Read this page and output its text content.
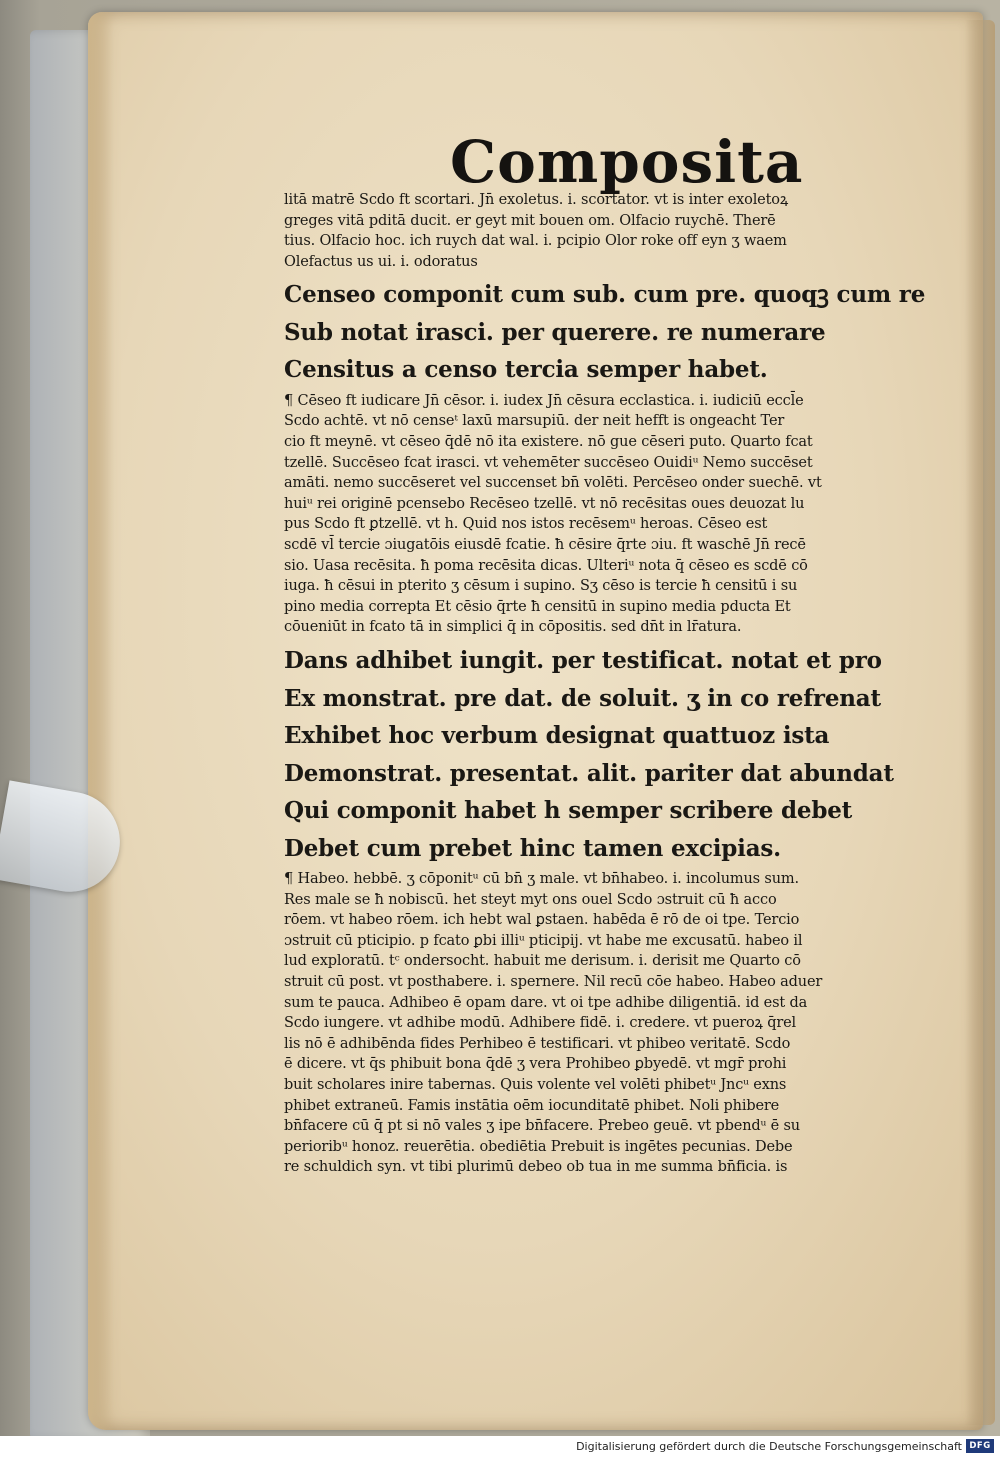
Composita
litā matrē Scdo ft scortari. Jn̄ exoletus. i. scortator. vt is inter exoletoꝝ
greges vitā pditā ducit. er geyt mit bouen om. Olfacio ruychē. Therē
tius. Olfacio hoc. ich ruych dat wal. i. pcipio Olor roke off eyn ʒ waem
Olefactus us ui. i. odoratus
Censeo componit cum sub. cum pre. quoqꝫ cum re
Sub notat irasci. per querere. re numerare
Censitus a censo tercia semper habet.
¶ Cēseo ft iudicare Jn̄ cēsor. i. iudex Jn̄ cēsura ecclastica. i. iudiciū eccl̄e
Scdo achtē. vt nō censeᵗ laxū marsupiū. der neit hefft is ongeacht Ter
cio ft meynē. vt cēseo q̄dē nō ita existere. nō gue cēseri puto. Quarto fcat
tzellē. Succēseo fcat irasci. vt vehemēter succēseo Ouidiᵘ Nemo succēset
amāti. nemo succēseret vel succenset bn̄ volēti. Percēseo onder suechē. vt
huiᵘ rei originē pcensebo Recēseo tzellē. vt nō recēsitas oues deuozat lu
pus Scdo ft ꝑtzellē. vt h. Quid nos istos recēsemᵘ heroas. Cēseo est
scdē vl̄ tercie ɔiugatōis eiusdē fcatie. ħ cēsire q̄rte ɔiu. ft waschē Jn̄ recē
sio. Uasa recēsita. ħ poma recēsita dicas. Ulteriᵘ nota q̄ cēseo es scdē cō
iuga. ħ cēsui in pterito ʒ cēsum i supino. Sʒ cēso is tercie ħ censitū i su
pino media correpta Et cēsio q̄rte ħ censitū in supino media pducta Et
cōueniūt in fcato tā in simplici q̄ in cōpositis. sed dn̄t in lr̄atura.
Dans adhibet iungit. per testificat. notat et pro
Ex monstrat. pre dat. de soluit. ʒ in co refrenat
Exhibet hoc verbum designat quattuoz ista
Demonstrat. presentat. alit. pariter dat abundat
Qui componit habet h semper scribere debet
Debet cum prebet hinc tamen excipias.
¶ Habeo. hebbē. ʒ cōponitᵘ cū bn̄ ʒ male. vt bn̄habeo. i. incolumus sum.
Res male se ħ nobiscū. het steyt myt ons ouel Scdo ɔstruit cū ħ acco
rōem. vt habeo rōem. ich hebt wal ꝑstaen. habēda ē rō de oi tpe. Tercio
ɔstruit cū pticipio. p fcato ꝑbi illiᵘ pticipij. vt habe me excusatū. habeo il
lud exploratū. tᶜ ondersocht. habuit me derisum. i. derisit me Quarto cō
struit cū post. vt posthabere. i. spernere. Nil recū cōe habeo. Habeo aduer
sum te pauca. Adhibeo ē opam dare. vt oi tpe adhibe diligentiā. id est da
Scdo iungere. vt adhibe modū. Adhibere fidē. i. credere. vt pueroꝝ q̄rel
lis nō ē adhibēnda fides Perhibeo ē testificari. vt phibeo veritatē. Scdo
ē dicere. vt q̄s phibuit bona q̄dē ʒ vera Prohibeo ꝑbyedē. vt mgr̄ prohi
buit scholares inire tabernas. Quis volente vel volēti phibetᵘ Jncᵘ exns
phibet extraneū. Famis instātia oēm iocunditatē phibet. Noli phibere
bn̄facere cū q̄ pt si nō vales ʒ ipe bn̄facere. Prebeo geuē. vt pbendᵘ ē su
perioribᵘ honoz. reuerētia. obediētia Prebuit is ingētes pecunias. Debe
re schuldich syn. vt tibi plurimū debeo ob tua in me summa bn̄ficia. is
Digitalisierung gefördert durch die Deutsche Forschungsgemeinschaft DFG
